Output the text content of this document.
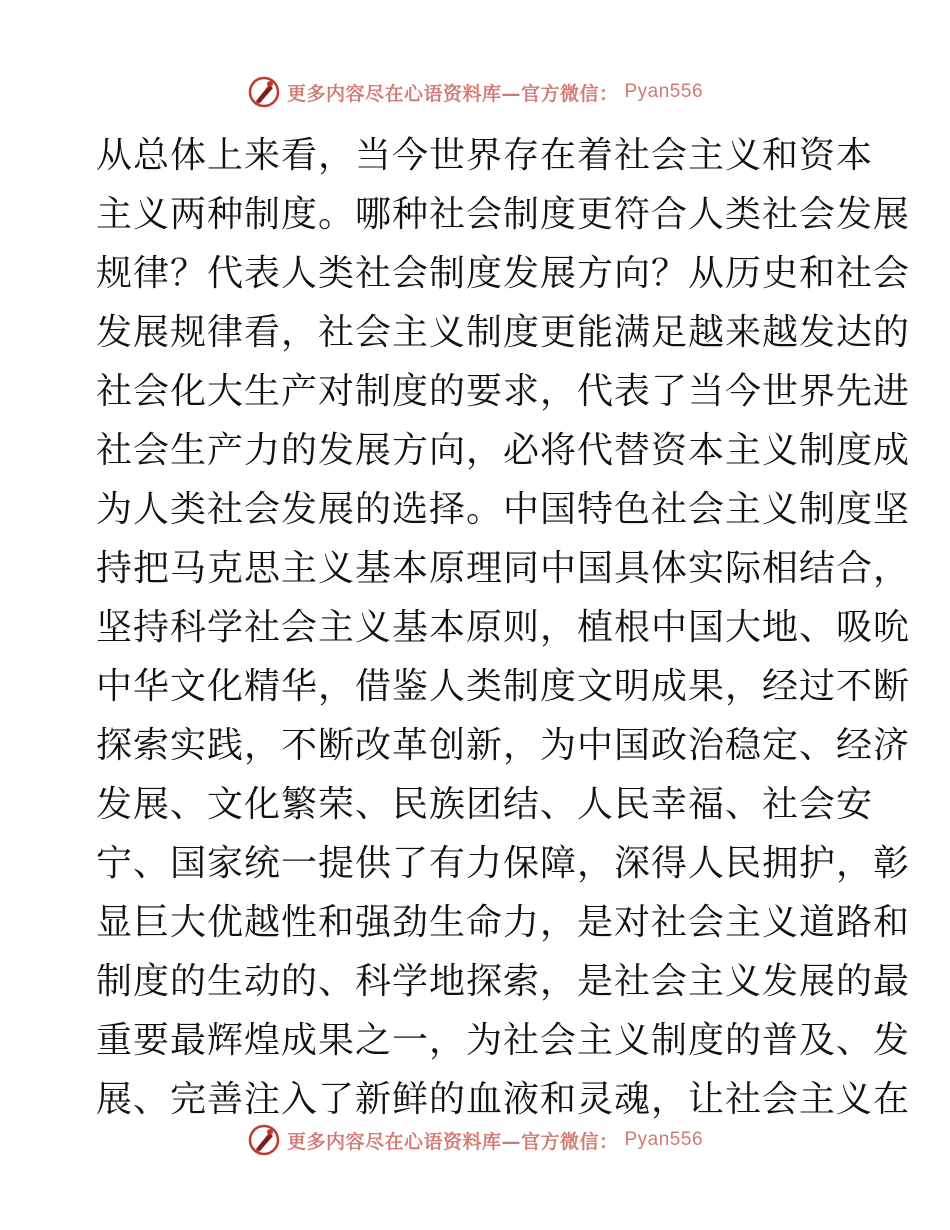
更多内容尽在心语资料库—官方微信： Pyan556
从总体上来看，当今世界存在着社会主义和资本
主义两种制度。哪种社会制度更符合人类社会发展
规律？代表人类社会制度发展方向？从历史和社会
发展规律看，社会主义制度更能满足越来越发达的
社会化大生产对制度的要求，代表了当今世界先进
社会生产力的发展方向，必将代替资本主义制度成
为人类社会发展的选择。中国特色社会主义制度坚
持把马克思主义基本原理同中国具体实际相结合，
坚持科学社会主义基本原则，植根中国大地、吸吮
中华文化精华，借鉴人类制度文明成果，经过不断
探索实践，不断改革创新，为中国政治稳定、经济
发展、文化繁荣、民族团结、人民幸福、社会安
宁、国家统一提供了有力保障，深得人民拥护，彰
显巨大优越性和强劲生命力，是对社会主义道路和
制度的生动的、科学地探索，是社会主义发展的最
重要最辉煌成果之一，为社会主义制度的普及、发
展、完善注入了新鲜的血液和灵魂，让社会主义在
更多内容尽在心语资料库—官方微信： Pyan556
